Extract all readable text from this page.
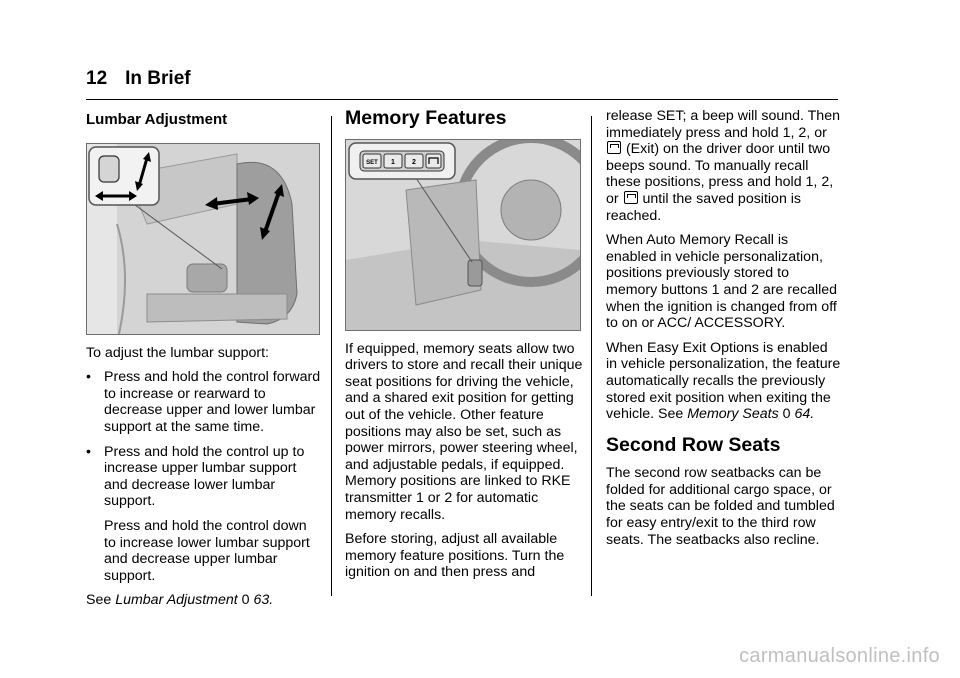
12 In Brief
Lumbar Adjustment

To adjust the lumbar support:

• Press and hold the control forward to increase or rearward to decrease upper and lower lumbar support at the same time.
• Press and hold the control up to increase upper lumbar support and decrease lower lumbar support.

Press and hold the control down to increase lower lumbar support and decrease upper lumbar support.

See Lumbar Adjustment 0 63.

Memory Features
SET 1 2

If equipped, memory seats allow two drivers to store and recall their unique seat positions for driving the vehicle, and a shared exit position for getting out of the vehicle. Other feature positions may also be set, such as power mirrors, power steering wheel, and adjustable pedals, if equipped. Memory positions are linked to RKE transmitter 1 or 2 for automatic memory recalls.

Before storing, adjust all available memory feature positions. Turn the ignition on and then press and

release SET; a beep will sound. Then immediately press and hold 1, 2, or  (Exit) on the driver door until two beeps sound. To manually recall these positions, press and hold 1, 2, or  until the saved position is reached.

When Auto Memory Recall is enabled in vehicle personalization, positions previously stored to memory buttons 1 and 2 are recalled when the ignition is changed from off to on or ACC/ ACCESSORY.

When Easy Exit Options is enabled in vehicle personalization, the feature automatically recalls the previously stored exit position when exiting the vehicle. See Memory Seats 0 64.

Second Row Seats

The second row seatbacks can be folded for additional cargo space, or the seats can be folded and tumbled for easy entry/exit to the third row seats. The seatbacks also recline.

carmanualsonline.info
